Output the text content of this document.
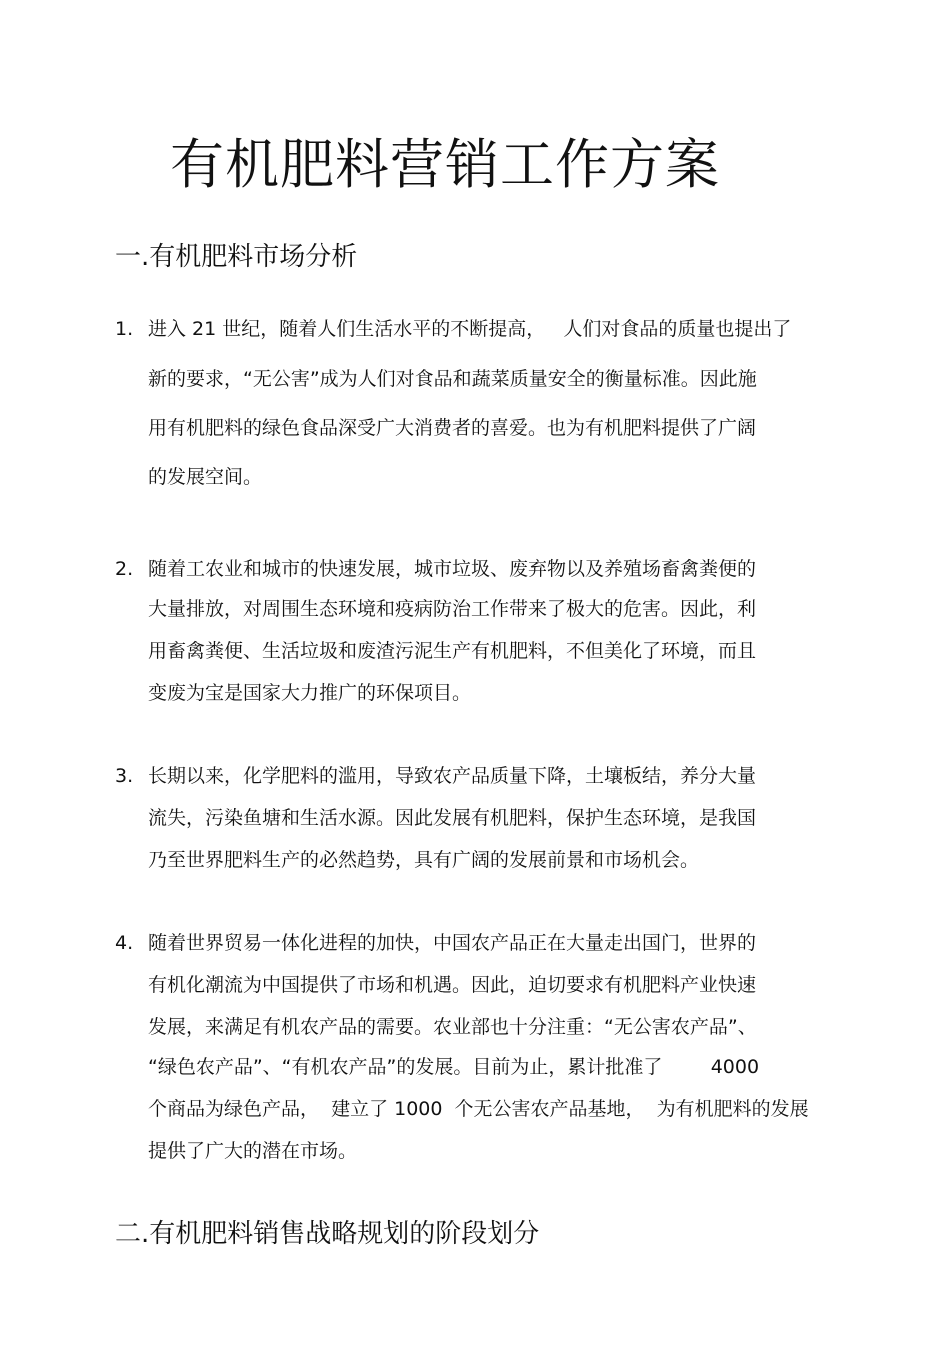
有机肥料营销工作方案
一.有机肥料市场分析
1. 进入 21 世纪，随着人们生活水平的不断提高，   人们对食品的质量也提出了
新的要求，“无公害”成为人们对食品和蔬菜质量安全的衡量标准。因此施
用有机肥料的绿色食品深受广大消费者的喜爱。也为有机肥料提供了广阔
的发展空间。
2. 随着工农业和城市的快速发展，城市垃圾、废弃物以及养殖场畜禽粪便的
大量排放，对周围生态环境和疫病防治工作带来了极大的危害。因此，利
用畜禽粪便、生活垃圾和废渣污泥生产有机肥料，不但美化了环境，而且
变废为宝是国家大力推广的环保项目。
3. 长期以来，化学肥料的滥用，导致农产品质量下降，土壤板结，养分大量
流失，污染鱼塘和生活水源。因此发展有机肥料，保护生态环境，是我国
乃至世界肥料生产的必然趋势，具有广阔的发展前景和市场机会。
4. 随着世界贸易一体化进程的加快，中国农产品正在大量走出国门，世界的
有机化潮流为中国提供了市场和机遇。因此，迫切要求有机肥料产业快速
发展，来满足有机农产品的需要。农业部也十分注重：“无公害农产品”、
“绿色农产品”、“有机农产品”的发展。目前为止，累计批准了        4000
个商品为绿色产品，  建立了 1000  个无公害农产品基地，  为有机肥料的发展
提供了广大的潜在市场。
二.有机肥料销售战略规划的阶段划分
